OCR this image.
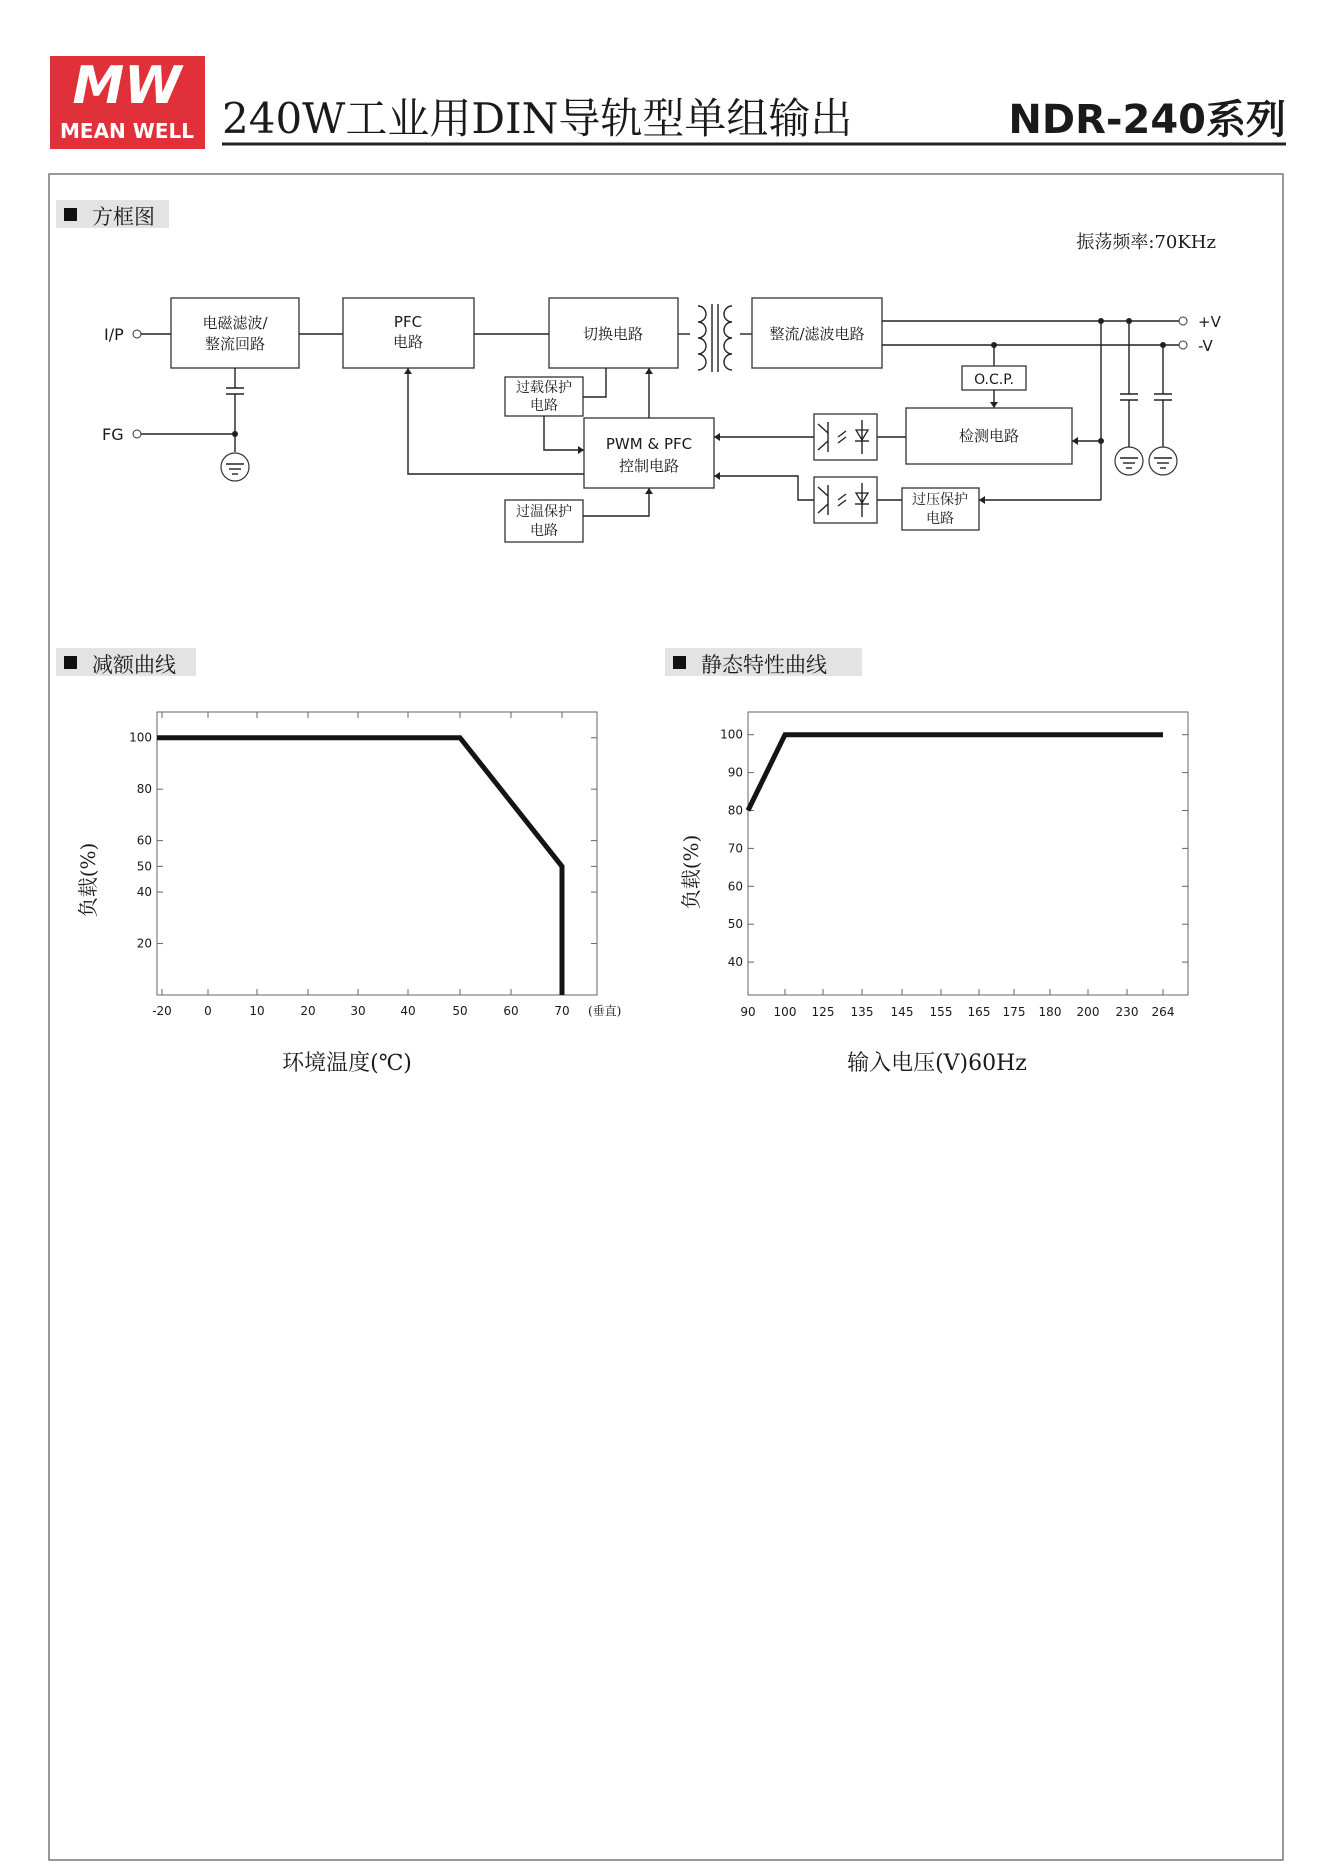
MW
MEAN WELL 240W工业用DIN导轨型单组输出	NDR-240系列
方框图
振荡频率:70KHz
I/P
FG
电磁滤波/
整流回路
PFC
电路	切换电路	整流/滤波电路
+V
-V
O.C.P.
检测电路
过压保护
电路
PWM & PFC
控制电路
过载保护
电路
过温保护
电路
减额曲线
-20	0	10	20	30	40	50	60	70
20
40
50
60
80
100
负载(%)
环境温度(℃)
(垂直)
静态特性曲线
90 100 125 135 145 155 165 175 180 200 230 264
40
50
60
70
80
90
100
负载(%)
输入电压(V)60Hz
